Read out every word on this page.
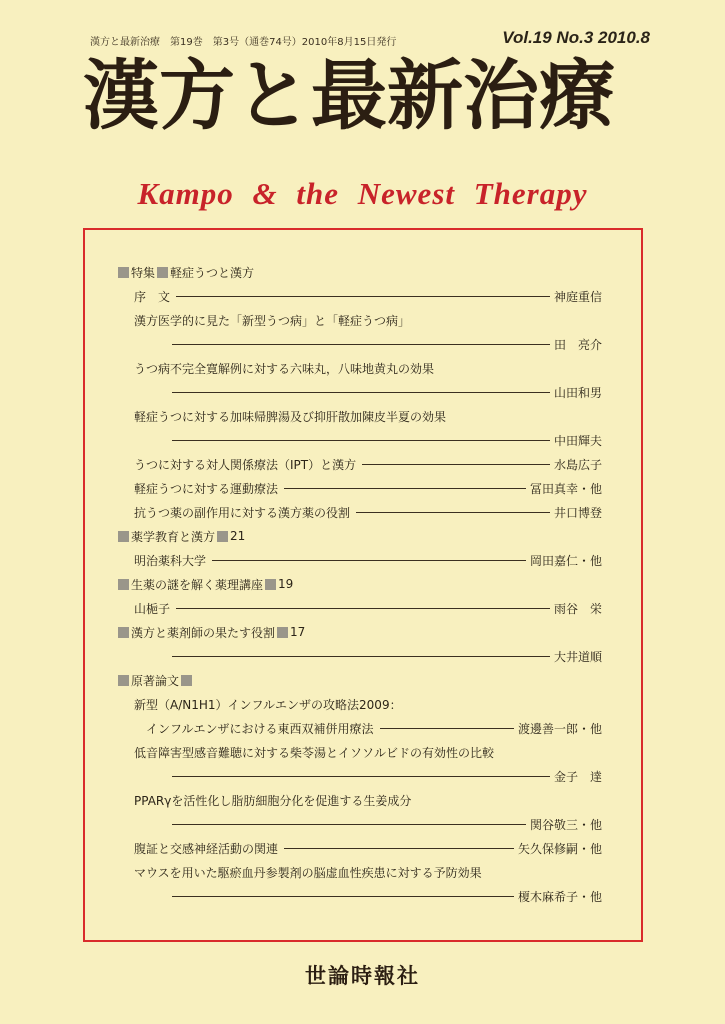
漢方と最新治療　第19巻　第3号（通巻74号）2010年8月15日発行	Vol.19 No.3 2010.8
漢方と最新治療
Kampo & the Newest Therapy
特集 軽症うつと漢方
序　文	神庭重信
漢方医学的に見た「新型うつ病」と「軽症うつ病」
田　亮介
うつ病不完全寛解例に対する六味丸，八味地黄丸の効果
山田和男
軽症うつに対する加味帰脾湯及び抑肝散加陳皮半夏の効果
中田輝夫
うつに対する対人関係療法（IPT）と漢方	水島広子
軽症うつに対する運動療法	冨田真幸・他
抗うつ薬の副作用に対する漢方薬の役割	井口博登
薬学教育と漢方 21
明治薬科大学	岡田嘉仁・他
生薬の謎を解く薬理講座 19
山梔子	雨谷　栄
漢方と薬剤師の果たす役割 17
大井道順
原著論文
新型（A/N1H1）インフルエンザの攻略法2009：
インフルエンザにおける東西双補併用療法	渡邊善一郎・他
低音障害型感音難聴に対する柴苓湯とイソソルビドの有効性の比較
金子　達
PPARγを活性化し脂肪細胞分化を促進する生姜成分
関谷敬三・他
腹証と交感神経活動の関連	矢久保修嗣・他
マウスを用いた駆瘀血丹参製剤の脳虚血性疾患に対する予防効果
榎木麻希子・他
世論時報社
